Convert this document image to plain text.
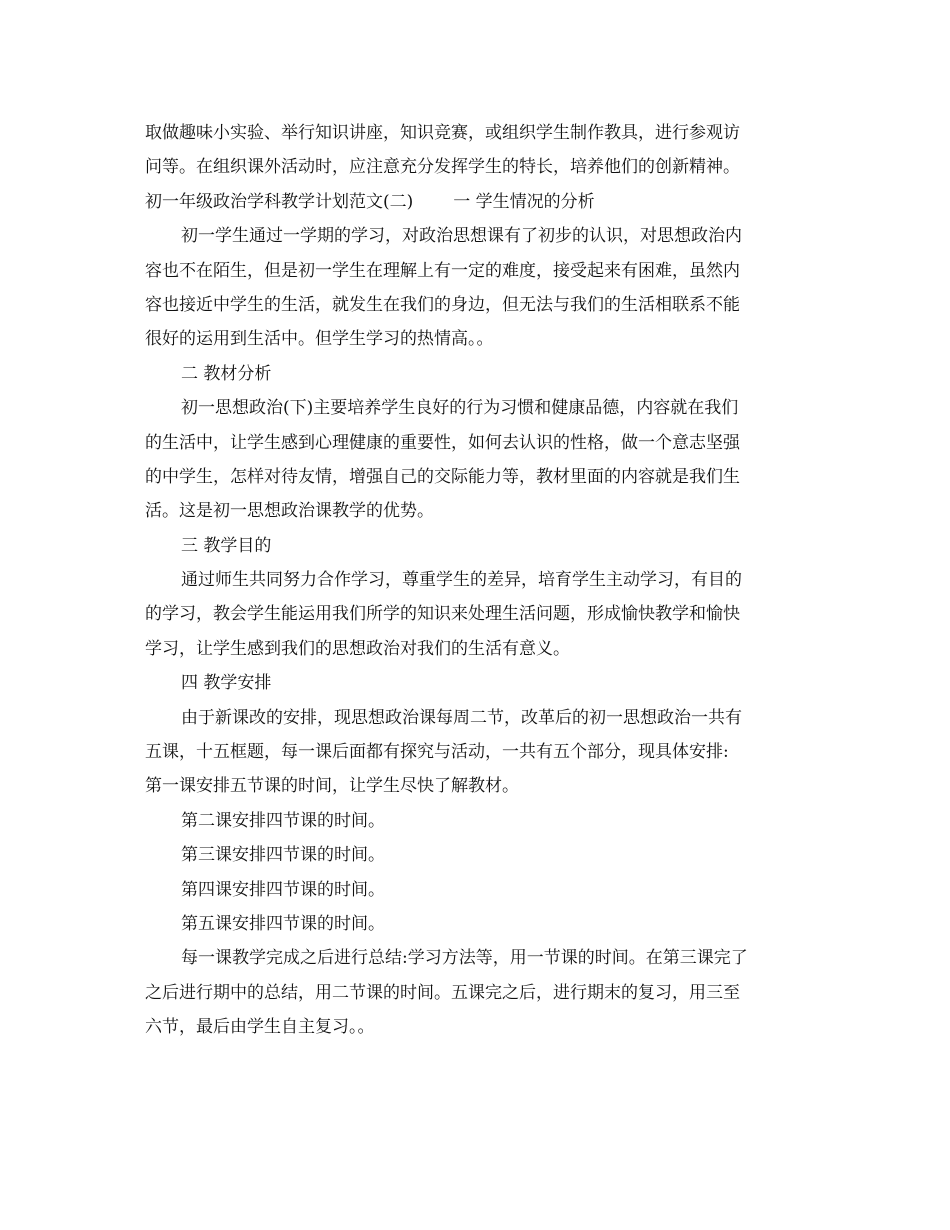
取做趣味小实验、举行知识讲座，知识竞赛，或组织学生制作教具，进行参观访

问等。在组织课外活动时，应注意充分发挥学生的特长，培养他们的创新精神。

初一年级政治学科教学计划范文(二) 一 学生情况的分析

初一学生通过一学期的学习，对政治思想课有了初步的认识，对思想政治内

容也不在陌生，但是初一学生在理解上有一定的难度，接受起来有困难，虽然内

容也接近中学生的生活，就发生在我们的身边，但无法与我们的生活相联系不能

很好的运用到生活中。但学生学习的热情高。。

二 教材分析

初一思想政治(下)主要培养学生良好的行为习惯和健康品德，内容就在我们

的生活中，让学生感到心理健康的重要性，如何去认识的性格，做一个意志坚强

的中学生，怎样对待友情，增强自己的交际能力等，教材里面的内容就是我们生

活。这是初一思想政治课教学的优势。

三 教学目的

通过师生共同努力合作学习，尊重学生的差异，培育学生主动学习，有目的

的学习，教会学生能运用我们所学的知识来处理生活问题，形成愉快教学和愉快

学习，让学生感到我们的思想政治对我们的生活有意义。

四 教学安排

由于新课改的安排，现思想政治课每周二节，改革后的初一思想政治一共有

五课，十五框题，每一课后面都有探究与活动，一共有五个部分，现具体安排:

第一课安排五节课的时间，让学生尽快了解教材。

第二课安排四节课的时间。

第三课安排四节课的时间。

第四课安排四节课的时间。

第五课安排四节课的时间。

每一课教学完成之后进行总结:学习方法等，用一节课的时间。在第三课完了

之后进行期中的总结，用二节课的时间。五课完之后，进行期末的复习，用三至

六节，最后由学生自主复习。。
